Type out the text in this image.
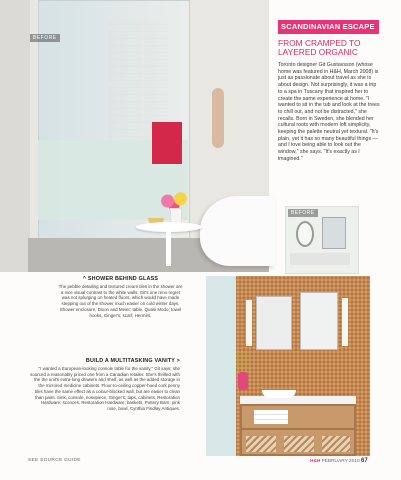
BEFORE
SCANDINAVIAN ESCAPE
FROM CRAMPED TO LAYERED ORGANIC
Toronto designer Git Gustavsson (whose home was featured in H&H, March 2008) is just as passionate about travel as she is about design. Not surprisingly, it was a trip to a spa in Tuscany that inspired her to create the same experience at home. "I wanted to sit in the tub and look at the trees to chill out, and not be distracted," she recalls. Born in Sweden, she blended her cultural roots with modern loft simplicity, keeping the palette neutral yet textural. "It's plain, yet it has so many beautiful things — and I love being able to look out the window," she says. "It's exactly as I imagined."
BEFORE
^ SHOWER BEHIND GLASS
The pebble detailing and textured cream tiles in the shower are a nice visual contrast to the white walls. Git's one reno regret was not splurging on heated floors, which would have made stepping out of the shower much easier on cold winter days. Shower enclosure, Dixon and Meier; table, Quasi Modo; towel hooks, Ginger's; scarf, Hermès.
BUILD A MULTITASKING VANITY >
"I wanted a European-looking console table for the vanity," Git says; she sourced a reasonably priced one from a Canadian retailer. She's thrilled with the the unit's extra-long drawers and shelf, as well as the added storage in the mirrored medicine cabinets. Floor-to-ceiling copper-hued cork penny tiles have the same effect as a colour-blocked wall, but are easier to clean than paint. Sink, console, nosepiece, Ginger's; taps, cabinets, Restoration Hardware; sconces, Restoration Hardware; baskets, Pottery Barn; pink rose, bowl, Cynthia Findlay Antiques.
SEE SOURCE GUIDE	H&H FEBRUARY 2010 67
